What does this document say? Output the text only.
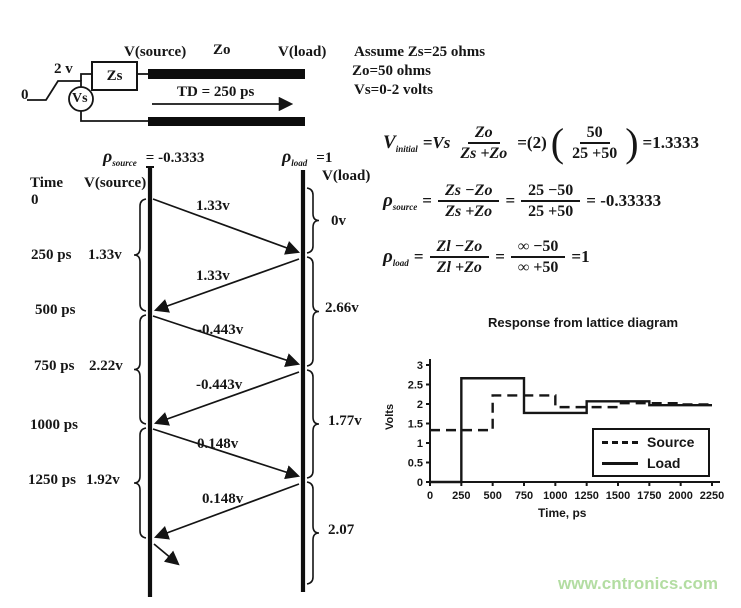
0
2 v
Vs
Zs
V(source) Zo	V(load)
TD = 250 ps
Assume Zs=25 ohms
Zo=50 ohms
Vs=0-2 volts
$V_{initial} =Vs \frac{Zo}{Zs +Zo} =(2)$ ( $\frac{50}{25 +50}$ ) =1.3333
$\rho_{source} = \frac{Zs -Zo}{Zs +Zo} = \frac{25 -50}{25 +50} = -0.33333$
$\rho_{load} = \frac{Zl -Zo}{Zl +Zo} = \frac{\infty -50}{\infty +50} =1$
$\rho_{source} = -0.3333$	$\rho_{load} =1$
Time V(source)	V(load)
0
250 ps 1.33v
500 ps
750 ps 2.22v
1000 ps
1250 ps 1.92v
1.33v
1.33v
-0.443v
-0.443v
0.148v
0.148v
0v
2.66v
1.77v
2.07
Response from lattice diagram
0 250 500 750 1000 1250 1500 1750 2000 2250
0
0.5
1
1.5
2
2.5
3
Volts
Time, ps
Source
Load
www.cntronics.com
